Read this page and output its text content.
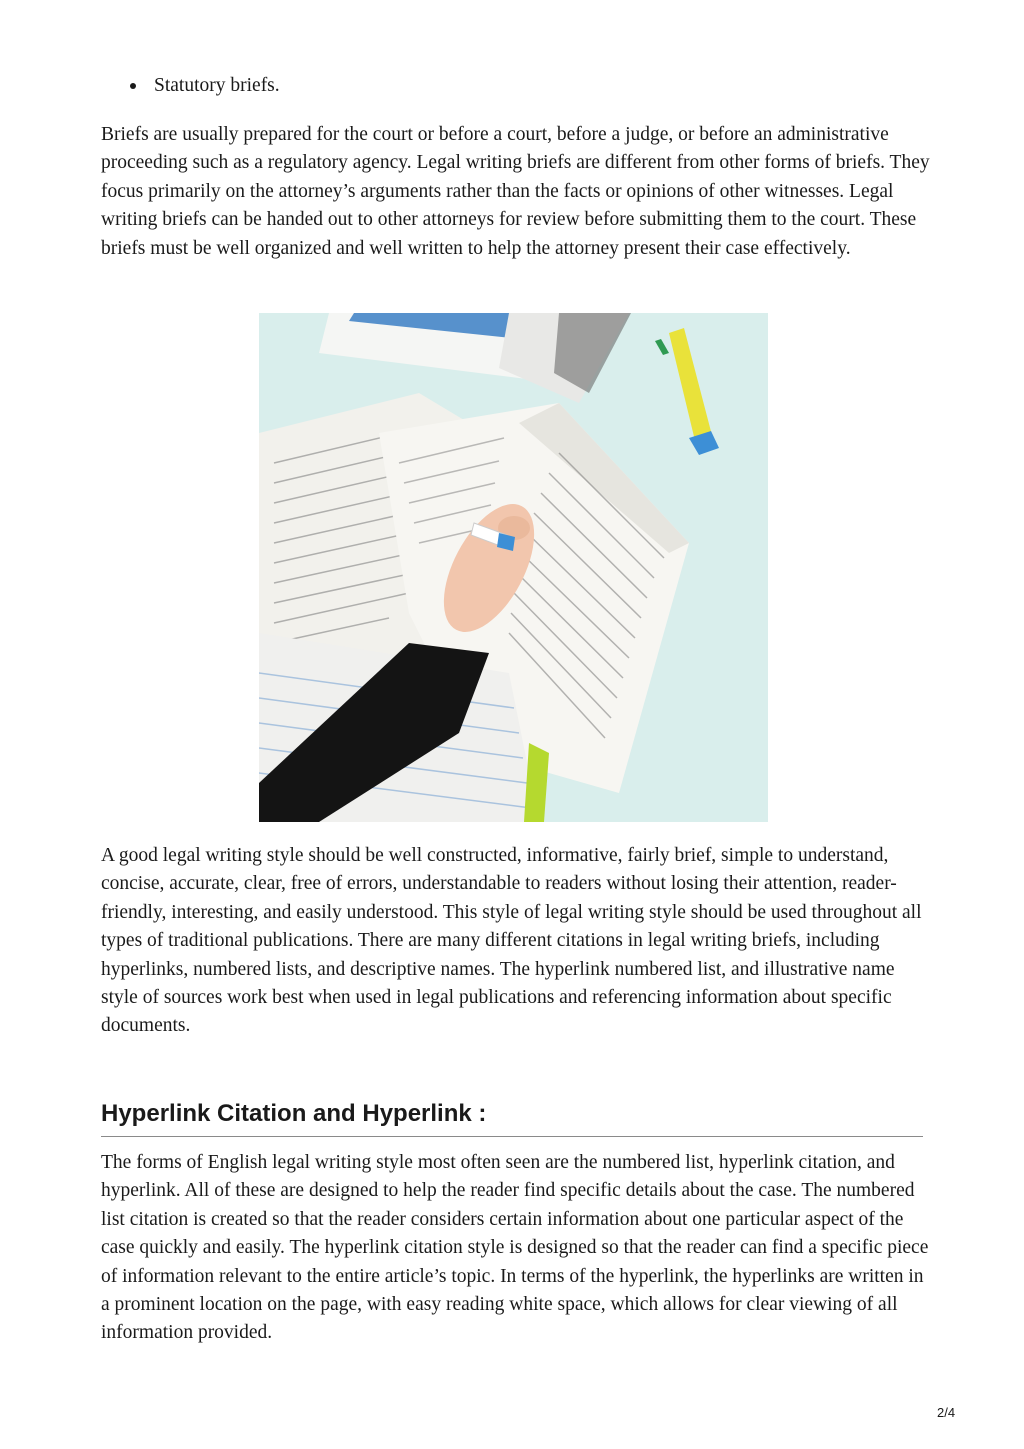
Statutory briefs.

Briefs are usually prepared for the court or before a court, before a judge, or before an administrative proceeding such as a regulatory agency. Legal writing briefs are different from other forms of briefs. They focus primarily on the attorney’s arguments rather than the facts or opinions of other witnesses. Legal writing briefs can be handed out to other attorneys for review before submitting them to the court. These briefs must be well organized and well written to help the attorney present their case effectively.

A good legal writing style should be well constructed, informative, fairly brief, simple to understand, concise, accurate, clear, free of errors, understandable to readers without losing their attention, reader-friendly, interesting, and easily understood. This style of legal writing style should be used throughout all types of traditional publications. There are many different citations in legal writing briefs, including hyperlinks, numbered lists, and descriptive names. The hyperlink numbered list, and illustrative name style of sources work best when used in legal publications and referencing information about specific documents.

Hyperlink Citation and Hyperlink :

The forms of English legal writing style most often seen are the numbered list, hyperlink citation, and hyperlink. All of these are designed to help the reader find specific details about the case. The numbered list citation is created so that the reader considers certain information about one particular aspect of the case quickly and easily. The hyperlink citation style is designed so that the reader can find a specific piece of information relevant to the entire article’s topic. In terms of the hyperlink, the hyperlinks are written in a prominent location on the page, with easy reading white space, which allows for clear viewing of all information provided.

2/4
